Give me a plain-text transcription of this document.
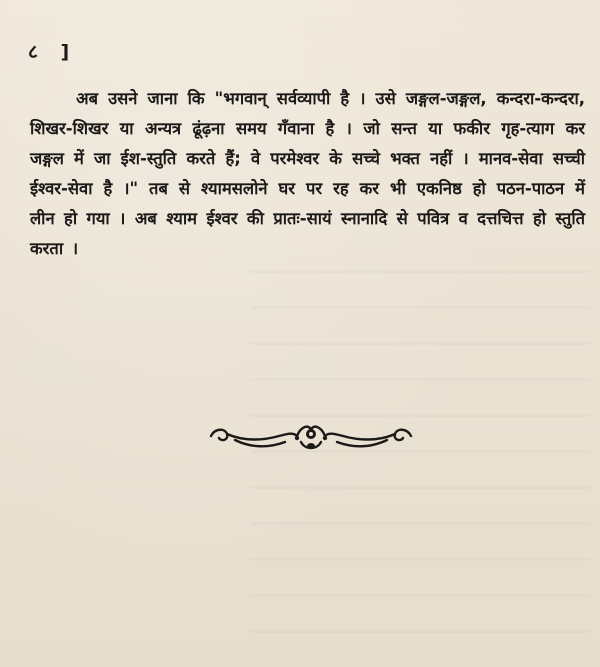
८ ]

अब उसने जाना कि "भगवान् सर्वव्यापी है । उसे जङ्गल-जङ्गल, कन्दरा-कन्दरा, शिखर-शिखर या अन्यत्र ढूंढ़ना समय गँवाना है । जो सन्त या फकीर गृह-त्याग कर जङ्गल में जा ईश-स्तुति करते हैं; वे परमेश्वर के सच्चे भक्त नहीं । मानव-सेवा सच्ची ईश्वर-सेवा है ।" तब से श्यामसलोने घर पर रह कर भी एकनिष्ठ हो पठन-पाठन में लीन हो गया । अब श्याम ईश्वर की प्रातः-सायं स्नानादि से पवित्र व दत्तचित्त हो स्तुति करता ।
